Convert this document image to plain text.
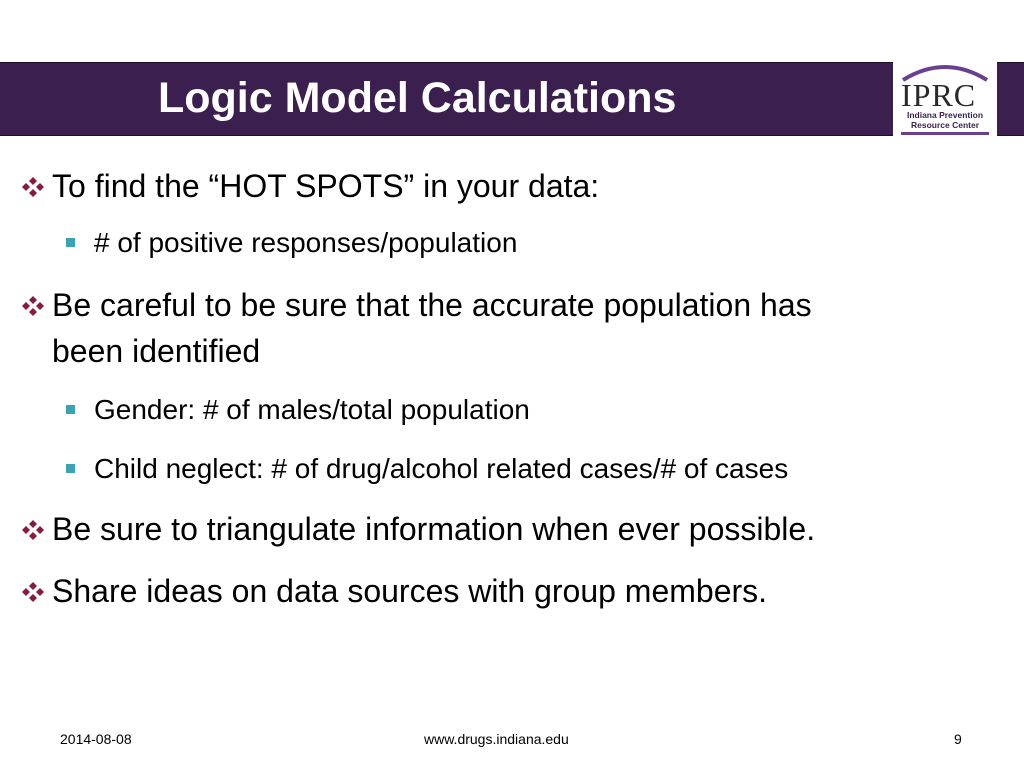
Logic Model Calculations	IPRC
Indiana Prevention
Resource Center
To find the “HOT SPOTS” in your data:
# of positive responses/population
Be careful to be sure that the accurate population has
been identified
Gender: # of males/total population
Child neglect: # of drug/alcohol related cases/# of cases
Be sure to triangulate information when ever possible.
Share ideas on data sources with group members.
2014-08-08	www.drugs.indiana.edu	9
